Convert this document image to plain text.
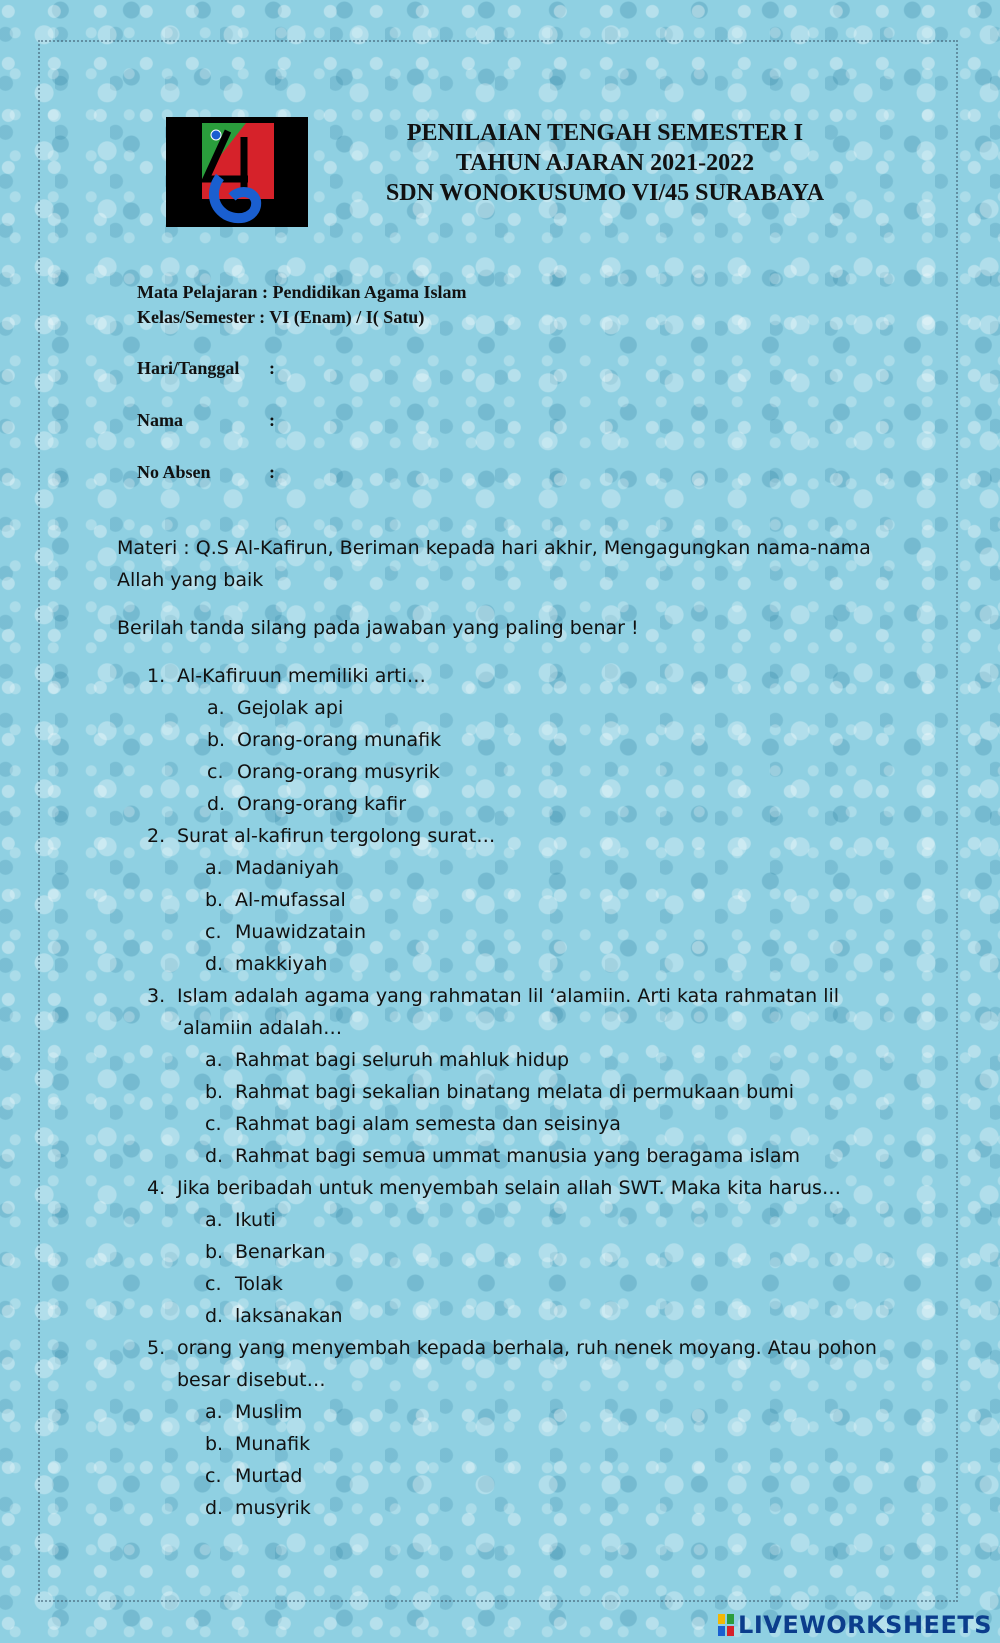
PENILAIAN TENGAH SEMESTER I
TAHUN AJARAN 2021-2022
SDN WONOKUSUMO VI/45 SURABAYA
Mata Pelajaran : Pendidikan Agama Islam
Kelas/Semester : VI (Enam) / I( Satu)
Hari/Tanggal :
Nama	:
No Absen	:

Materi : Q.S Al-Kafirun, Beriman kepada hari akhir, Mengagungkan nama-nama

Allah yang baik

Berilah tanda silang pada jawaban yang paling benar !

1. Al-Kafiruun memiliki arti…
a. Gejolak api
b. Orang-orang munafik
c. Orang-orang musyrik
d. Orang-orang kafir
2. Surat al-kafirun tergolong surat…
a. Madaniyah
b. Al-mufassal
c. Muawidzatain
d. makkiyah
3. Islam adalah agama yang rahmatan lil ‘alamiin. Arti kata rahmatan lil
‘alamiin adalah…
a. Rahmat bagi seluruh mahluk hidup
b. Rahmat bagi sekalian binatang melata di permukaan bumi
c. Rahmat bagi alam semesta dan seisinya
d. Rahmat bagi semua ummat manusia yang beragama islam
4. Jika beribadah untuk menyembah selain allah SWT. Maka kita harus…
a. Ikuti
b. Benarkan
c. Tolak
d. laksanakan
5. orang yang menyembah kepada berhala, ruh nenek moyang. Atau pohon
besar disebut…
a. Muslim
b. Munafik
c. Murtad
d. musyrik
LIVEWORKSHEETS
